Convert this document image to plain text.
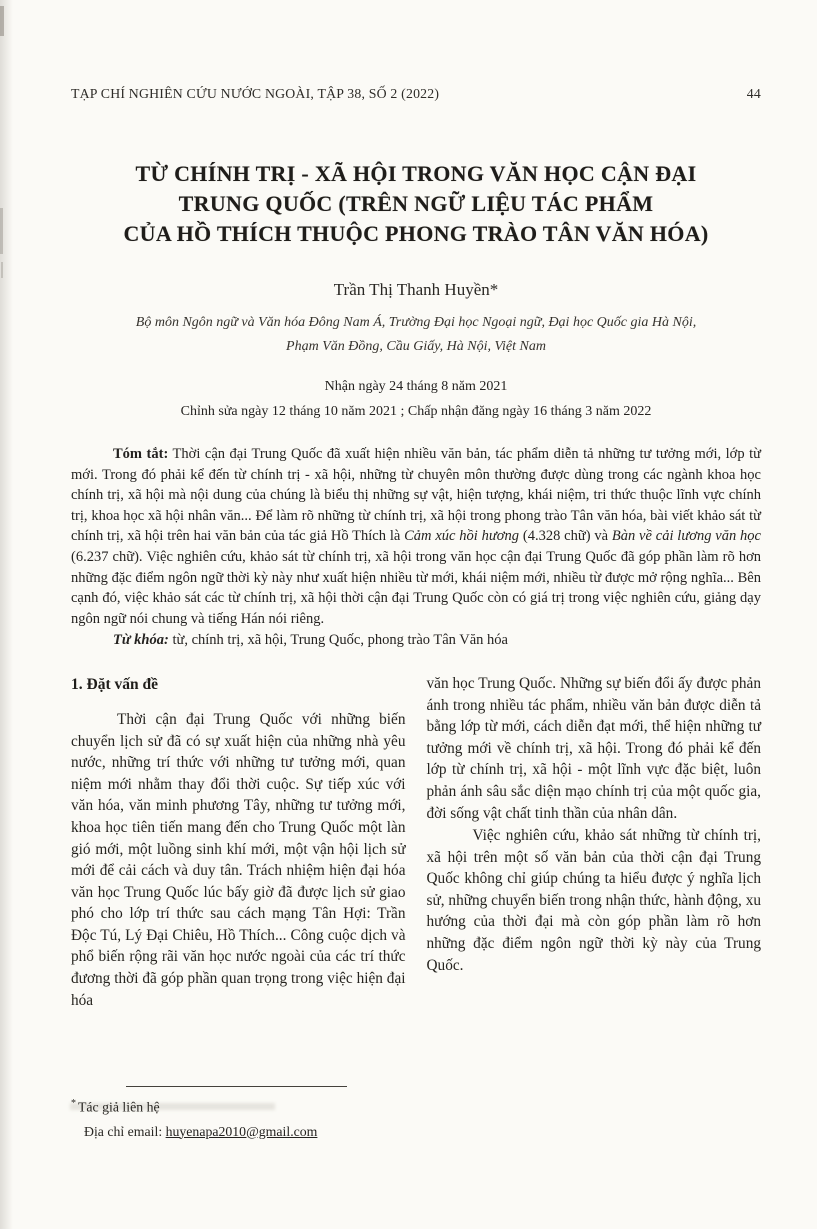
TẠP CHÍ NGHIÊN CỨU NƯỚC NGOÀI, TẬP 38, SỐ 2 (2022)	44
TỪ CHÍNH TRỊ - XÃ HỘI TRONG VĂN HỌC CẬN ĐẠI
TRUNG QUỐC (TRÊN NGỮ LIỆU TÁC PHẨM
CỦA HỒ THÍCH THUỘC PHONG TRÀO TÂN VĂN HÓA)
Trần Thị Thanh Huyền*
Bộ môn Ngôn ngữ và Văn hóa Đông Nam Á, Trường Đại học Ngoại ngữ, Đại học Quốc gia Hà Nội,
Phạm Văn Đồng, Cầu Giấy, Hà Nội, Việt Nam
Nhận ngày 24 tháng 8 năm 2021
Chỉnh sửa ngày 12 tháng 10 năm 2021 ; Chấp nhận đăng ngày 16 tháng 3 năm 2022

Tóm tắt: Thời cận đại Trung Quốc đã xuất hiện nhiều văn bản, tác phẩm diễn tả những tư tưởng mới, lớp từ mới. Trong đó phải kể đến từ chính trị - xã hội, những từ chuyên môn thường được dùng trong các ngành khoa học chính trị, xã hội mà nội dung của chúng là biểu thị những sự vật, hiện tượng, khái niệm, tri thức thuộc lĩnh vực chính trị, khoa học xã hội nhân văn... Để làm rõ những từ chính trị, xã hội trong phong trào Tân văn hóa, bài viết khảo sát từ chính trị, xã hội trên hai văn bản của tác giả Hồ Thích là Cảm xúc hồi hương (4.328 chữ) và Bàn về cải lương văn học (6.237 chữ). Việc nghiên cứu, khảo sát từ chính trị, xã hội trong văn học cận đại Trung Quốc đã góp phần làm rõ hơn những đặc điểm ngôn ngữ thời kỳ này như xuất hiện nhiều từ mới, khái niệm mới, nhiều từ được mở rộng nghĩa... Bên cạnh đó, việc khảo sát các từ chính trị, xã hội thời cận đại Trung Quốc còn có giá trị trong việc nghiên cứu, giảng dạy ngôn ngữ nói chung và tiếng Hán nói riêng.

Từ khóa: từ, chính trị, xã hội, Trung Quốc, phong trào Tân Văn hóa

1. Đặt vấn đề

Thời cận đại Trung Quốc với những biến chuyển lịch sử đã có sự xuất hiện của những nhà yêu nước, những trí thức với những tư tưởng mới, quan niệm mới nhằm thay đổi thời cuộc. Sự tiếp xúc với văn hóa, văn minh phương Tây, những tư tưởng mới, khoa học tiên tiến mang đến cho Trung Quốc một làn gió mới, một luồng sinh khí mới, một vận hội lịch sử mới để cải cách và duy tân. Trách nhiệm hiện đại hóa văn học Trung Quốc lúc bấy giờ đã được lịch sử giao phó cho lớp trí thức sau cách mạng Tân Hợi: Trần Độc Tú, Lý Đại Chiêu, Hồ Thích... Công cuộc dịch và phổ biến rộng rãi văn học nước ngoài của các trí thức đương thời đã góp phần quan trọng trong việc hiện đại hóa

văn học Trung Quốc. Những sự biến đổi ấy được phản ánh trong nhiều tác phẩm, nhiều văn bản được diễn tả bằng lớp từ mới, cách diễn đạt mới, thể hiện những tư tưởng mới về chính trị, xã hội. Trong đó phải kể đến lớp từ chính trị, xã hội - một lĩnh vực đặc biệt, luôn phản ánh sâu sắc diện mạo chính trị của một quốc gia, đời sống vật chất tinh thần của nhân dân.

Việc nghiên cứu, khảo sát những từ chính trị, xã hội trên một số văn bản của thời cận đại Trung Quốc không chỉ giúp chúng ta hiểu được ý nghĩa lịch sử, những chuyển biến trong nhận thức, hành động, xu hướng của thời đại mà còn góp phần làm rõ hơn những đặc điểm ngôn ngữ thời kỳ này của Trung Quốc.

* Tác giả liên hệ
Địa chỉ email: huyenapa2010@gmail.com
